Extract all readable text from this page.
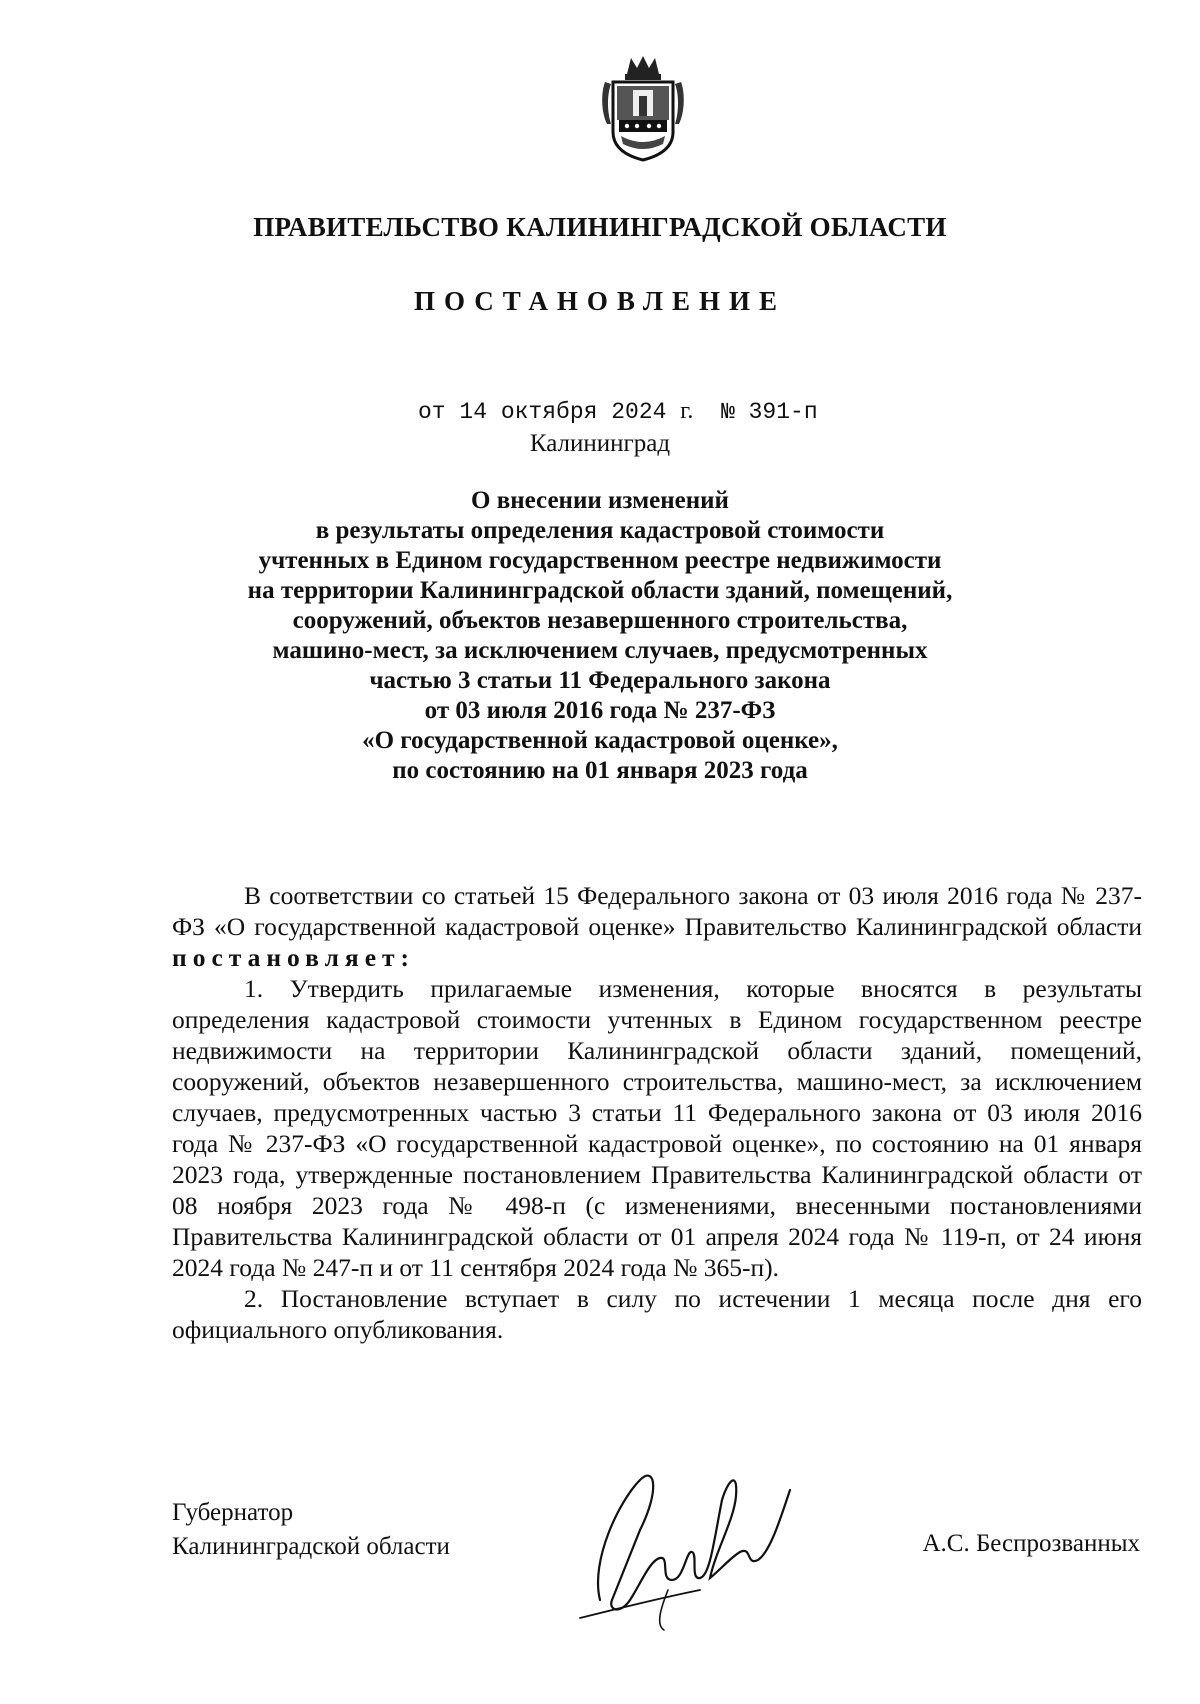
ПРАВИТЕЛЬСТВО КАЛИНИНГРАДСКОЙ ОБЛАСТИ
ПОСТАНОВЛЕНИЕ
от 14 октября 2024 г. № 391-п
Калининград
О внесении изменений
в результаты определения кадастровой стоимости
учтенных в Едином государственном реестре недвижимости
на территории Калининградской области зданий, помещений,
сооружений, объектов незавершенного строительства,
машино-мест, за исключением случаев, предусмотренных
частью 3 статьи 11 Федерального закона
от 03 июля 2016 года № 237-ФЗ
«О государственной кадастровой оценке»,
по состоянию на 01 января 2023 года

В соответствии со статьей 15 Федерального закона от 03 июля 2016 года № 237-ФЗ «О государственной кадастровой оценке» Правительство Калининградской области постановляет:

1. Утвердить прилагаемые изменения, которые вносятся в результаты определения кадастровой стоимости учтенных в Едином государственном реестре недвижимости на территории Калининградской области зданий, помещений, сооружений, объектов незавершенного строительства, машино-мест, за исключением случаев, предусмотренных частью 3 статьи 11 Федерального закона от 03 июля 2016 года № 237-ФЗ «О государственной кадастровой оценке», по состоянию на 01 января 2023 года, утвержденные постановлением Правительства Калининградской области от 08 ноября 2023 года № 498-п (с изменениями, внесенными постановлениями Правительства Калининградской области от 01 апреля 2024 года № 119-п, от 24 июня 2024 года № 247-п и от 11 сентября 2024 года № 365-п).

2. Постановление вступает в силу по истечении 1 месяца после дня его официального опубликования.

Губернатор
Калининградской области	А.С. Беспрозванных
